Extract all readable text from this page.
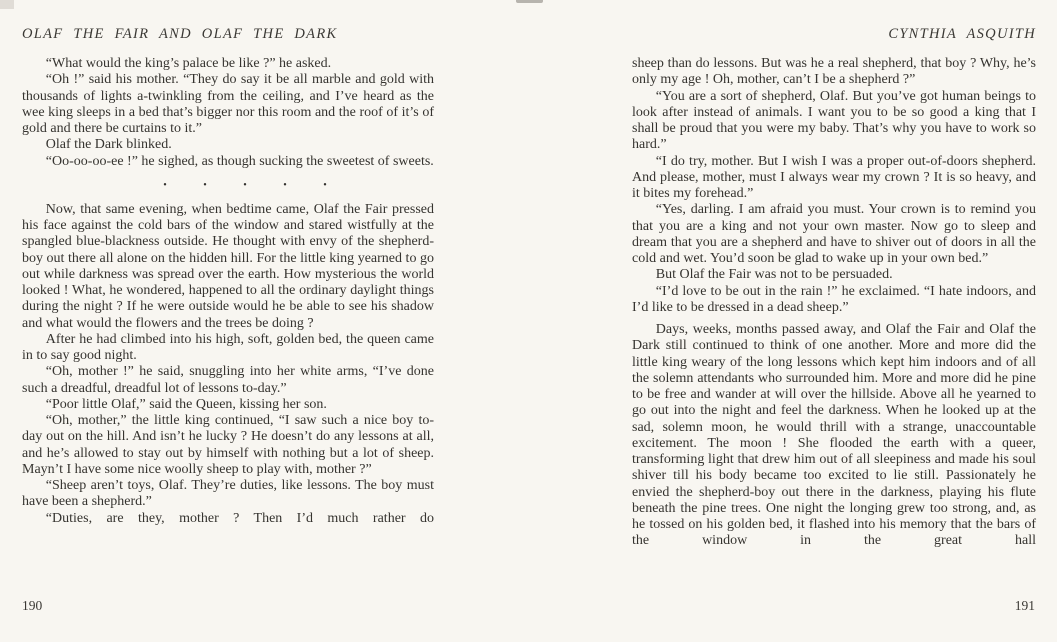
OLAF THE FAIR AND OLAF THE DARK

“What would the king’s palace be like ?” he asked.

“Oh !” said his mother. “They do say it be all marble and gold with thousands of lights a-twinkling from the ceiling, and I’ve heard as the wee king sleeps in a bed that’s bigger nor this room and the roof of it’s of gold and there be curtains to it.”

Olaf the Dark blinked.

“Oo-oo-oo-ee !” he sighed, as though sucking the sweetest of sweets.

• • • • •

Now, that same evening, when bedtime came, Olaf the Fair pressed his face against the cold bars of the window and stared wistfully at the spangled blue-blackness outside. He thought with envy of the shepherd-boy out there all alone on the hidden hill. For the little king yearned to go out while darkness was spread over the earth. How mysterious the world looked ! What, he wondered, happened to all the ordinary daylight things during the night ? If he were outside would he be able to see his shadow and what would the flowers and the trees be doing ?

After he had climbed into his high, soft, golden bed, the queen came in to say good night.

“Oh, mother !” he said, snuggling into her white arms, “I’ve done such a dreadful, dreadful lot of lessons to-day.”

“Poor little Olaf,” said the Queen, kissing her son.

“Oh, mother,” the little king continued, “I saw such a nice boy to-day out on the hill. And isn’t he lucky ? He doesn’t do any lessons at all, and he’s allowed to stay out by himself with nothing but a lot of sheep. Mayn’t I have some nice woolly sheep to play with, mother ?”

“Sheep aren’t toys, Olaf. They’re duties, like lessons. The boy must have been a shepherd.”

“Duties, are they, mother ? Then I’d much rather do

CYNTHIA ASQUITH

sheep than do lessons. But was he a real shepherd, that boy ? Why, he’s only my age ! Oh, mother, can’t I be a shepherd ?”

“You are a sort of shepherd, Olaf. But you’ve got human beings to look after instead of animals. I want you to be so good a king that I shall be proud that you were my baby. That’s why you have to work so hard.”

“I do try, mother. But I wish I was a proper out-of-doors shepherd. And please, mother, must I always wear my crown ? It is so heavy, and it bites my forehead.”

“Yes, darling. I am afraid you must. Your crown is to remind you that you are a king and not your own master. Now go to sleep and dream that you are a shepherd and have to shiver out of doors in all the cold and wet. You’d soon be glad to wake up in your own bed.”

But Olaf the Fair was not to be persuaded.

“I’d love to be out in the rain !” he exclaimed. “I hate indoors, and I’d like to be dressed in a dead sheep.”

Days, weeks, months passed away, and Olaf the Fair and Olaf the Dark still continued to think of one another. More and more did the little king weary of the long lessons which kept him indoors and of all the solemn attendants who surrounded him. More and more did he pine to be free and wander at will over the hillside. Above all he yearned to go out into the night and feel the darkness. When he looked up at the sad, solemn moon, he would thrill with a strange, unaccountable excitement. The moon ! She flooded the earth with a queer, transforming light that drew him out of all sleepiness and made his soul shiver till his body became too excited to lie still. Passionately he envied the shepherd-boy out there in the darkness, playing his flute beneath the pine trees. One night the longing grew too strong, and, as he tossed on his golden bed, it flashed into his memory that the bars of the window in the great hall

190	191
